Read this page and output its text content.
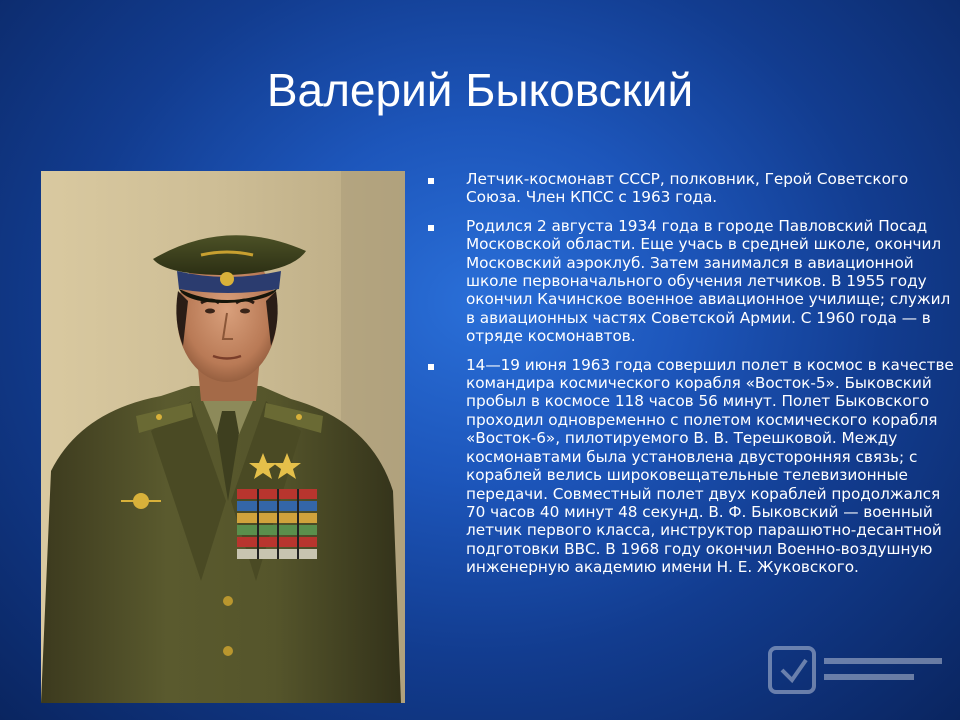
Валерий Быковский
Летчик-космонавт СССР, полковник, Герой Советского Союза. Член КПСС с 1963 года.
Родился 2 августа 1934 года в городе Павловский Посад Московской области. Еще учась в средней школе, окончил Московский аэроклуб. Затем занимался в авиационной школе первоначального обучения летчиков. В 1955 году окончил Качинское военное авиационное училище; служил в авиационных частях Советской Армии. С 1960 года — в отряде космонавтов.
14—19 июня 1963 года совершил полет в космос в качестве командира космического корабля «Восток-5». Быковский пробыл в космосе 118 часов 56 минут. Полет Быковского проходил одновременно с полетом космического корабля «Восток-6», пилотируемого В. В. Терешковой. Между космонавтами была установлена двусторонняя связь; с кораблей велись широковещательные телевизионные передачи. Совместный полет двух кораблей продолжался 70 часов 40 минут 48 секунд. В. Ф. Быковский — военный летчик первого класса, инструктор парашютно-десантной подготовки ВВС. В 1968 году окончил Военно-воздушную инженерную академию имени Н. Е. Жуковского.
